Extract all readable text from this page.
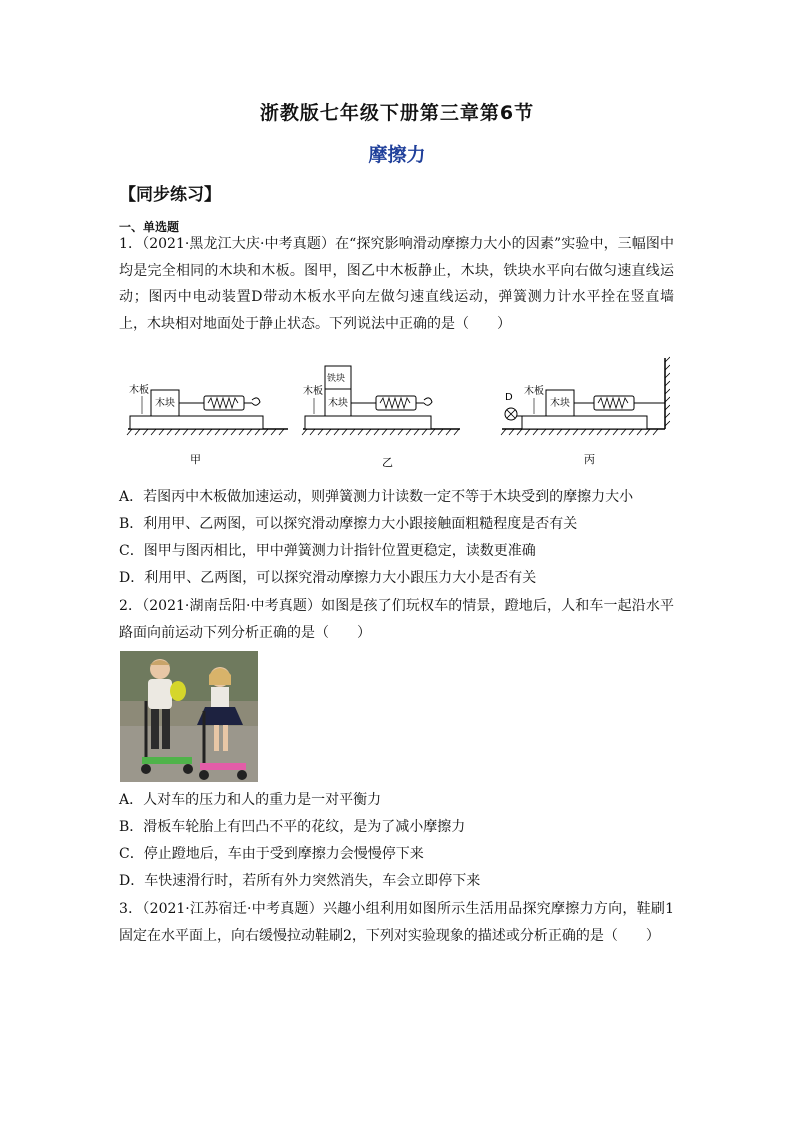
浙教版七年级下册第三章第6节
摩擦力
【同步练习】
一、单选题
1．（2021·黑龙江大庆·中考真题）在“探究影响滑动摩擦力大小的因素”实验中，三幅图中均是完全相同的木块和木板。图甲，图乙中木板静止，木块，铁块水平向右做匀速直线运动；图丙中电动装置D带动木板水平向左做匀速直线运动，弹簧测力计水平拴在竖直墙上，木块相对地面处于静止状态。下列说法中正确的是（　　）
木板
木块
木板
铁块
木块
D
木板
木块
甲	乙	丙
A．若图丙中木板做加速运动，则弹簧测力计读数一定不等于木块受到的摩擦力大小
B．利用甲、乙两图，可以探究滑动摩擦力大小跟接触面粗糙程度是否有关
C．图甲与图丙相比，甲中弹簧测力计指针位置更稳定，读数更准确
D．利用甲、乙两图，可以探究滑动摩擦力大小跟压力大小是否有关
2．（2021·湖南岳阳·中考真题）如图是孩了们玩权车的情景，蹬地后，人和车一起沿水平路面向前运动下列分析正确的是（　　）
A．人对车的压力和人的重力是一对平衡力
B．滑板车轮胎上有凹凸不平的花纹，是为了减小摩擦力
C．停止蹬地后，车由于受到摩擦力会慢慢停下来
D．车快速滑行时，若所有外力突然消失，车会立即停下来
3．（2021·江苏宿迁·中考真题）兴趣小组利用如图所示生活用品探究摩擦力方向，鞋刷1固定在水平面上，向右缓慢拉动鞋刷2，下列对实验现象的描述或分析正确的是（　　）
